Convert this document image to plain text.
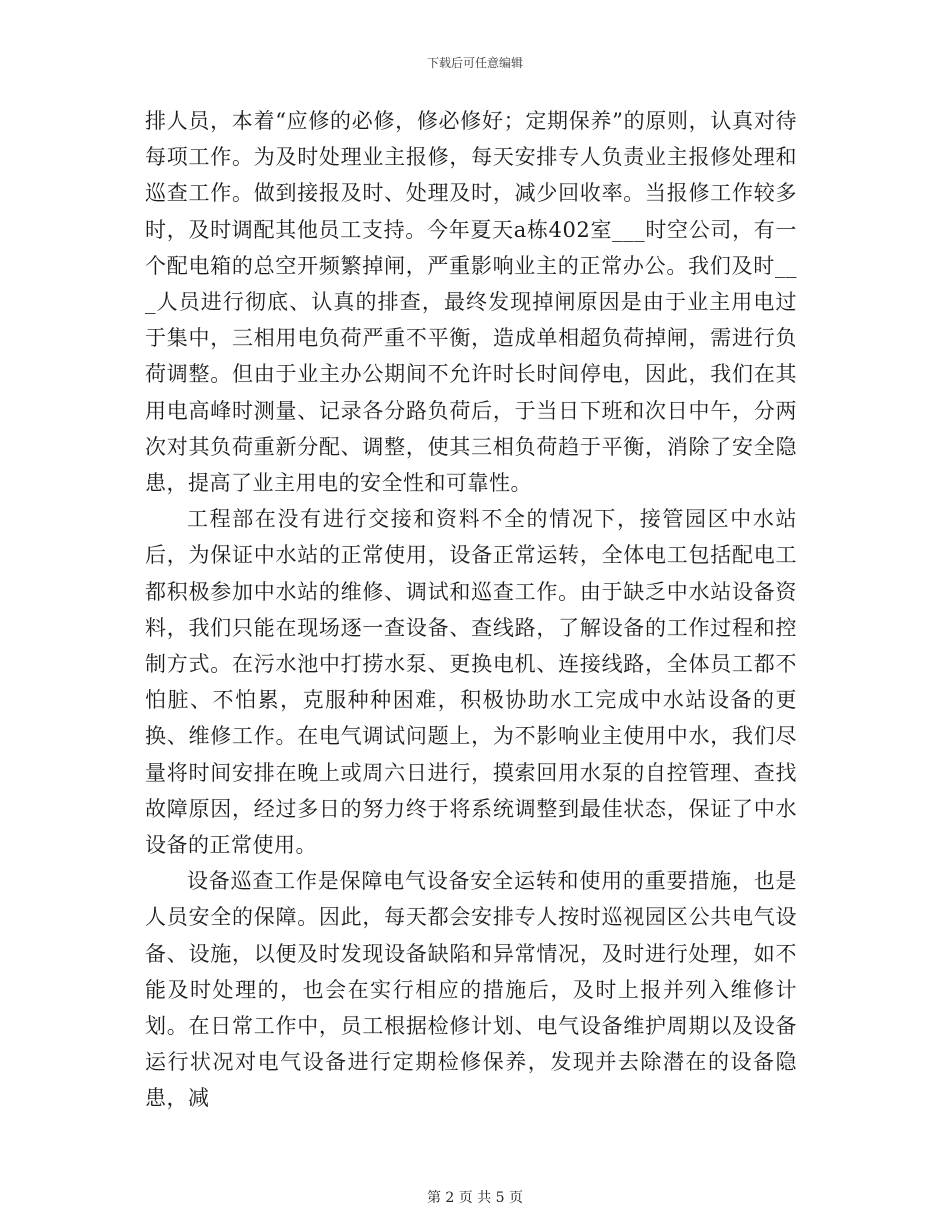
下载后可任意编辑

排人员，本着“应修的必修，修必修好；定期保养”的原则，认真对待每项工作。为及时处理业主报修，每天安排专人负责业主报修处理和巡查工作。做到接报及时、处理及时，减少回收率。当报修工作较多时，及时调配其他员工支持。今年夏天a栋402室___时空公司，有一个配电箱的总空开频繁掉闸，严重影响业主的正常办公。我们及时___人员进行彻底、认真的排查，最终发现掉闸原因是由于业主用电过于集中，三相用电负荷严重不平衡，造成单相超负荷掉闸，需进行负荷调整。但由于业主办公期间不允许时长时间停电，因此，我们在其用电高峰时测量、记录各分路负荷后，于当日下班和次日中午，分两次对其负荷重新分配、调整，使其三相负荷趋于平衡，消除了安全隐患，提高了业主用电的安全性和可靠性。

工程部在没有进行交接和资料不全的情况下，接管园区中水站后，为保证中水站的正常使用，设备正常运转，全体电工包括配电工都积极参加中水站的维修、调试和巡查工作。由于缺乏中水站设备资料，我们只能在现场逐一查设备、查线路，了解设备的工作过程和控制方式。在污水池中打捞水泵、更换电机、连接线路，全体员工都不怕脏、不怕累，克服种种困难，积极协助水工完成中水站设备的更换、维修工作。在电气调试问题上，为不影响业主使用中水，我们尽量将时间安排在晚上或周六日进行，摸索回用水泵的自控管理、查找故障原因，经过多日的努力终于将系统调整到最佳状态，保证了中水设备的正常使用。

设备巡查工作是保障电气设备安全运转和使用的重要措施，也是人员安全的保障。因此，每天都会安排专人按时巡视园区公共电气设备、设施，以便及时发现设备缺陷和异常情况，及时进行处理，如不能及时处理的，也会在实行相应的措施后，及时上报并列入维修计划。在日常工作中，员工根据检修计划、电气设备维护周期以及设备运行状况对电气设备进行定期检修保养，发现并去除潜在的设备隐患，减

第 2 页 共 5 页
